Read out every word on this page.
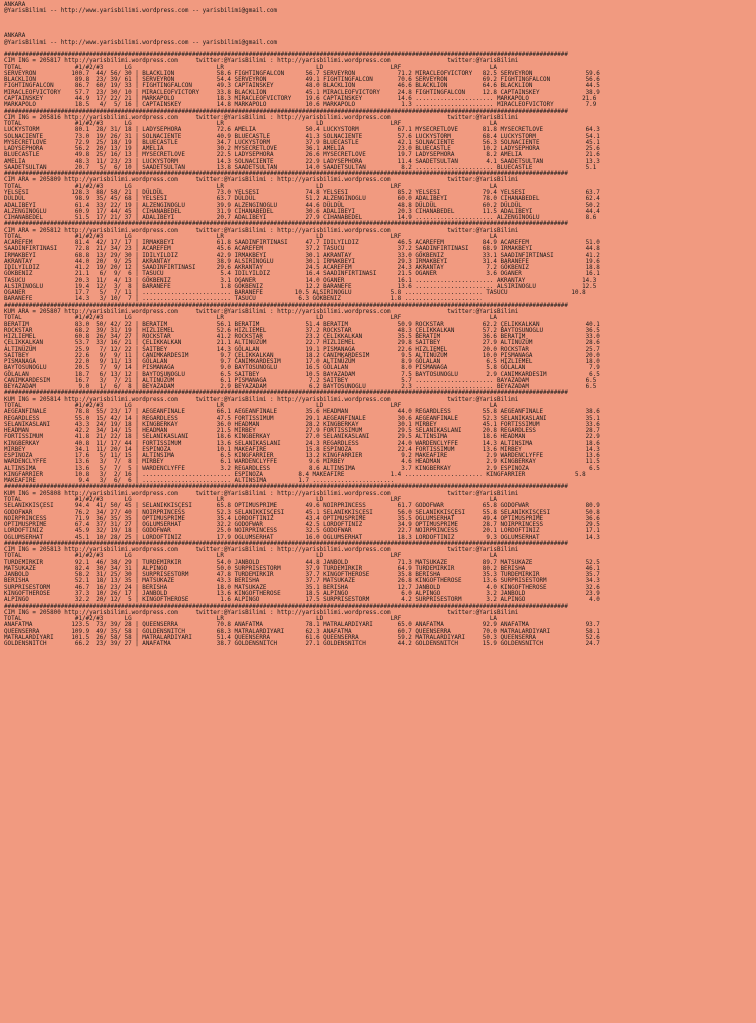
ANKARA
@YarisBilimi -- http://www.yarisbilimi.wordpress.com -- yarisbilimi@gmail.com

ANKARA
@YarisBilimi -- http://www.yarisbilimi.wordpress.com -- yarisbilimi@gmail.com

###############################################################################################################################################################
CIM ING = 205817 http://yarisbilimi.wordpress.com     twitter:@YarisBilimi : http://yarisbilimi.wordpress.com                twitter:@YarisBilimi
TOTAL               #1/#2/#3      LG                        LR                          LD                   LRF                         LA
SERVEYRON          100.7  44/ 56/ 30 | BLACKLION            58.6 FIGHTINGFALCON      56.7 SERVEYRON            71.2 MIRACLEOFVICTORY   82.5 SERVEYRON               59.6
BLACKLION           89.8  23/ 39/ 61 | SERVEYRON            54.4 SERVEYRON           49.1 FIGHTINGFALCON       70.6 SERVEYRON          69.2 FIGHTINGFALCON          56.6
FIGHTINGFALCON      86.7  60/ 19/ 33 | FIGHTINGFALCON       49.3 CAPTAINSKEY         48.0 BLACKLION            46.6 BLACKLION          64.6 BLACKLION               44.5
MIRACLEOFVICTORY    57.7  23/ 30/ 10 | MIRACLEOFVICTORY     33.8 BLACKLION           45.1 MIRACLEOFVICTORY     24.8 FIGHTINGFALCON     12.8 CAPTAINSKEY             38.9
CAPTAINSKEY         44.9  17/ 22/ 21 | MARKAPOLO            18.3 MIRACLEOFVICTORY    19.6 CAPTAINSKEY          14.6 ...................... MARKAPOLO               21.6
MARKAPOLO           18.5   4/  5/ 16 | CAPTAINSKEY          14.8 MARKAPOLO           10.6 MARKAPOLO             1.3 ...................... MIRACLEOFVICTORY         7.9
###############################################################################################################################################################
CIM ING = 205816 http://yarisbilimi.wordpress.com     twitter:@YarisBilimi : http://yarisbilimi.wordpress.com                twitter:@YarisBilimi
TOTAL               #1/#2/#3      LG                        LR                          LD                   LRF                         LA
LUCKYSTORM          80.1  28/ 31/ 18 | LADYSEPHORA          72.6 AMELIA              50.4 LUCKYSTORM           67.1 MYSECRETLOVE       81.8 MYSECRETLOVE            64.3
SOLNACIENTE         73.0  19/ 26/ 31 | SOLNACIENTE          40.9 BLUECASTLE          41.3 SOLNACIENTE          57.6 LUCKYSTORM         68.4 LUCKYSTORM              54.1
MYSECRETLOVE        72.9  25/ 18/ 19 | BLUECASTLE           34.7 LUCKYSTORM          37.9 BLUECASTLE           42.1 SOLNACIENTE        56.3 SOLNACIENTE             45.1
LADYSEPHORA         56.2  20/ 13/ 19 | AMELIA               30.2 MYSECRETLOVE        36.1 AMELIA               23.0 BLUECASTLE         10.2 LADYSEPHORA             25.6
BLUECASTLE          49.8  25/ 16/ 13 | MYSECRETLOVE         22.5 LADYSEPHORA         26.6 MYSECRETLOVE         19.7 LADYSEPHORA         8.2 AMELIA                  21.6
AMELIA              48.3  11/ 23/ 23 | LUCKYSTORM           14.3 SOLNACIENTE         22.9 LADYSEPHORA          11.4 SAADETSULTAN        4.1 SAADETSULTAN            13.3
SAADETSULTAN        20.7   5/  6/ 10 | SAADETSULTAN         13.8 SAADETSULTAN        14.0 SAADETSULTAN          8.2 ...................... BLUECASTLE               5.1
###############################################################################################################################################################
CIM ARA = 205809 http://yarisbilimi.wordpress.com     twitter:@YarisBilimi : http://yarisbilimi.wordpress.com                twitter:@YarisBilimi
TOTAL               #1/#2/#3      LG                        LR                          LD                   LRF                         LA
YELSESI            128.3  88/ 58/ 21 | DÜLDÜL               73.0 YELSESI             74.8 YELSESI              85.2 YELSESI            79.4 YELSESI                 63.7
DÜLDÜL              98.9  35/ 45/ 68 | YELSESI              63.7 DÜLDÜL              51.2 ALZENGINOGLU         60.0 ADALIBEYI          78.0 CIHANABEDEL             62.4
ADALIBEYI           61.4  33/ 22/ 19 | ALZENGINOGLU         39.9 ALZENGINOGLU        44.6 DÜLDÜL               48.8 DÜLDÜL             60.2 DÜLDÜL                  50.2
ALZENGINOGLU        60.9  17/ 44/ 45 | CIHANABEDEL          31.9 CIHANABEDEL         30.6 ADALIBEYI            20.3 CIHANABEDEL        11.5 ADALIBEYI               44.4
CIHANABEDEL         51.5  17/ 21/ 37 | ADALIBEYI            20.7 ADALIBEYI           27.9 CIHANABEDEL          14.9 ...................... ALZENGINOGLU             8.6
###############################################################################################################################################################
CIM ARA = 205812 http://yarisbilimi.wordpress.com     twitter:@YarisBilimi : http://yarisbilimi.wordpress.com                twitter:@YarisBilimi
TOTAL               #1/#2/#3      LG                        LR                          LD                   LRF                         LA
ACAREFEM            81.4  42/ 17/ 17 | IRMAKBEYI            61.8 SAADINFIRTINASI     47.7 IDILYILDIZ           46.5 ACAREFEM           84.9 ACAREFEM                51.0
SAADINFIRTINASI     72.8  21/ 34/ 23 | ACAREFEM             45.6 ACAREFEM            37.2 TASUCU               37.2 SAADINFIRTINASI    68.9 IRMAKBEYI               44.8
IRMAKBEYI           68.8  13/ 29/ 30 | IDILYILDIZ           42.9 IRMAKBEYI           30.1 AKRANTAY             33.0 GÖKBENIZ           33.1 SAADINFIRTINASI         41.2
AKRANTAY            44.0  20/  9/ 25 | AKRANTAY             38.9 ALSIRINOGLU         30.1 IRMAKBEYI            29.3 IRMAKBEYI          31.4 BARANEFE                19.6
IDILYILDIZ          41.2  19/ 20/ 12 | SAADINFIRTINASI      29.6 AKRANTAY            24.5 ACAREFEM             24.3 AKRANTAY            7.2 GÖKBENIZ                18.8
GÖKBENIZ            21.1   6/  9/  6 | TASUCU                5.4 IDILYILDIZ          16.4 SAADINFIRTINASI      21.5 OGANER              3.6 OGANER                  16.1
TASUCU              20.3  11/  4/ 13 | GÖKBENIZ              3.1 OGANER              14.0 OGANER               16.1 ...................... AKRANTAY                14.3
ALSIRINOGLU         19.4  12/  3/  8 | BARANEFE              1.8 GÖKBENIZ            12.2 BARANEFE             13.6 ...................... ALSIRINOGLU             12.5
OGANER              17.7   5/  7/ 11 | ......................... BARANEFE         10.5 ALSIRINOGLU           5.8 ...................... TASUCU                  10.8
BARANEFE            14.3   3/ 10/  7 | ......................... TASUCU            6.3 GÖKBENIZ              1.8 ......................
###############################################################################################################################################################
KUM ARA = 205807 http://yarisbilimi.wordpress.com     twitter:@YarisBilimi : http://yarisbilimi.wordpress.com                twitter:@YarisBilimi
TOTAL               #1/#2/#3      LG                        LR                          LD                   LRF                         LA
BERATIM             83.0  50/ 42/ 22 | BERATIM              56.1 BERATIM             51.4 BERATIM              50.9 ROCKSTAR           62.2 ÇELIKKALKAN             40.1
ROCKSTAR            68.2  39/ 31/ 19 | HIZLIEMEL            52.6 HIZLIEMEL           37.2 ROCKSTAR             48.3 ÇELIKKALKAN        57.2 BAYTOSUNOGLU            36.5
HIZLIEMEL           60.8  26/ 34/ 27 | ROCKSTAR             41.2 ROCKSTAR            23.2 ÇELIKKALKAN          35.5 BERATIM            36.6 BERATIM                 33.0
ÇELIKKALKAN         53.7  33/ 16/ 21 | ÇELIKKALKAN          21.1 ALTINÜZÜM           22.7 HIZLIEMEL            29.8 SAITBEY            27.9 ALTINÜZÜM               28.6
ALTINÜZÜM           25.9   7/ 12/ 22 | SAITBEY              14.3 GÖLALAN             19.1 PISMANAGA            22.6 HIZLIEMEL          20.0 ROCKSTAR                25.7
SAITBEY             22.6   9/  9/ 11 | CANIMKARDESIM         9.7 ÇELIKKALKAN         18.2 CANIMKARDESIM         9.5 ALTINÜZÜM          10.0 PISMANAGA               20.0
PISMANAGA           22.0   9/ 11/ 13 | GÖLALAN               9.7 CANIMKARDESIM       17.0 ALTINÜZÜM             8.9 GÖLALAN             6.5 HIZLIEMEL               18.0
BAYTOSUNOGLU        20.5   7/  9/ 14 | PISMANAGA             9.0 BAYTOSUNOGLU        16.5 GÖLALAN               8.0 PISMANAGA           5.8 GÖLALAN                  7.9
GÖLALAN             18.7   6/ 13/ 12 | BAYTOSUNOGLU          6.5 SAITBEY             10.5 BAYAZADAM             7.5 BAYTOSUNOGLU        2.9 CANIMKARDESIM            6.5
CANIMKARDESIM       16.7   3/  7/ 21 | ALTINÜZÜM             6.1 PISMANAGA            7.2 SAITBEY               5.7 ...................... BAYAZADAM                6.5
BEYAZADAM            9.0   1/  6/  8 | BEYAZADAM             2.9 BEYAZADAM            6.2 BAYTOSUNOGLU          2.3 ...................... BEYAZADAM                6.5
###############################################################################################################################################################
KUM ING = 205814 http://yarisbilimi.wordpress.com     twitter:@YarisBilimi : http://yarisbilimi.wordpress.com                twitter:@YarisBilimi
TOTAL               #1/#2/#3      LG                        LR                          LD                   LRF                         LA
AEGEANFINALE        78.8  55/ 23/ 17 | AEGEANFINALE         66.1 AEGEANFINALE        35.6 HEADMAN              44.0 REGARDLESS         55.8 AEGEANFINALE            38.6
REGARDLESS          55.0  15/ 42/ 14 | REGARDLESS           47.5 FORTISSIMUM         29.1 AEGEANFINALE         30.6 AEGEANFINALE       52.3 SELANIKASLANI           35.1
SELANIKASLANI       43.3  24/ 19/ 18 | KINGBERKAY           36.0 HEADMAN             28.2 KINGBERKAY           30.1 MIRBEY             45.1 FORTISSIMUM             33.6
HEADMAN             42.2  34/ 14/ 15 | HEADMAN              21.5 MIRBEY              27.9 FORTISSIMUM          29.5 SELANIKASLANI      20.8 REGARDLESS              28.7
FORTISSIMUM         41.8  21/ 22/ 18 | SELANIKASLANI        18.6 KINGBERKAY          27.0 SELANIKASLANI        29.5 ALTINSIMA          18.6 HEADMAN                 22.9
KINGBERKAY          40.8  11/ 17/ 44 | FORTISSIMUM          13.6 SELANIKASLANI       24.3 REGARDLESS           24.0 WARDENCLYFFE       14.3 ALTINSIMA               18.6
MIRBEY              34.1  11/ 20/ 14 | ESPINOZA             10.1 MAKEAFIRE           15.8 ESPINOZA             22.4 FORTISSIMUM        13.6 MIRBEY                  14.3
ESPINOZA            17.6   5/ 11/ 15 | ALTINSIMA             6.5 KINGFARRIER         13.2 KINGFARRIER           9.2 MAKEAFIRE           2.9 WARDENCLYFFE            13.6
WARDENCLYFFE        13.6   3/  7/  8 | MIRBEY                6.1 WARDENCLYFFE         9.6 MIRBEY                4.6 HEADMAN             2.9 KINGBERKAY              11.5
ALTINSIMA           13.6   5/  7/  5 | WARDENCLYFFE          3.2 REGARDLESS           8.6 ALTINSIMA             3.7 KINGBERKAY          2.9 ESPINOZA                 6.5
KINGFARRIER         10.8   3/  2/ 16 | ......................... ESPINOZA          8.4 MAKEAFIRE             1.4 ...................... KINGFARRIER              5.8
MAKEAFIRE            9.4   3/  6/  6 | ......................... ALTINSIMA         1.7 .......................
###############################################################################################################################################################
KUM ING = 205808 http://yarisbilimi.wordpress.com     twitter:@YarisBilimi : http://yarisbilimi.wordpress.com                twitter:@YarisBilimi
TOTAL               #1/#2/#3      LG                        LR                          LD                   LRF                         LA
SELANIKKISÇESI      94.4  41/ 50/ 45 | SELANIKKISÇESI       65.8 OPTIMUSPRIME        49.6 NOIRPRINCESS         61.7 GODOFWAR           65.8 GODOFWAR                80.9
GODOFWAR            76.2  34/ 27/ 40 | NOIRPRINCESS         52.3 SELANIKKISÇESI      45.1 SELANIKKISÇESI       56.0 SELANIKKISÇESI     55.8 SELANIKKISÇESI          50.8
NOIRPRINCESS        71.9  36/ 35/ 35 | OPTIMUSPRIME         35.4 LORDOFTINIZ         43.4 OPTIMUSPRIME         35.5 OGLUMSERHAT        49.4 OPTIMUSPRIME            36.6
OPTIMUSPRIME        67.4  37/ 31/ 27 | OGLUMSERHAT          32.2 GODOFWAR            42.5 LORDOFTINIZ          34.9 OPTIMUSPRIME       28.7 NOIRPRINCESS            29.5
LORDOFTINIZ         45.9  32/ 19/ 18 | GODOFWAR             25.0 NOIRPRINCESS        32.5 GODOFWAR             22.7 NOIRPRINCESS       20.1 LORDOFTINIZ             17.1
OGLUMSERHAT         45.1  10/ 28/ 25 | LORDOFTINIZ          17.9 OGLUMSERHAT         16.0 OGLUMSERHAT          18.3 LORDOFTINIZ         9.3 OGLUMSERHAT             14.3
###############################################################################################################################################################
CIM ING = 205813 http://yarisbilimi.wordpress.com     twitter:@YarisBilimi : http://yarisbilimi.wordpress.com                twitter:@YarisBilimi
TOTAL               #1/#2/#3      LG                        LR                          LD                   LRF                         LA
TURDEMIRKIR         92.1  46/ 38/ 29 | TURDEMIRKIR          54.0 JANBOLD             44.8 JANBOLD              71.3 MATSUKAZE          89.7 MATSUKAZE               52.5
MATSUKAZE           82.4  30/ 34/ 31 | ALPINGO              50.0 SURPRISESTORM       37.9 TURDEMIRKIR          64.9 TURDEMIRKIR        80.2 BERISHA                 46.1
JANBOLD             58.2  31/ 25/ 30 | SURPRISESTORM        47.8 TURDEMIRKIR         37.7 KINGOFTHEROSE        35.8 BERISHA            35.3 TURDEMIRKIR             35.7
BERISHA             52.1  18/ 13/ 35 | MATSUKAZE            43.3 BERISHA             37.7 MATSUKAZE            26.8 KINGOFTHEROSE      13.6 SURPRISESTORM           34.3
SURPRISESTORM       46.7  16/ 23/ 24 | BERISHA              18.0 MATSUKAZE           35.1 BERISHA              12.7 JANBOLD             4.0 KINGOFTHEROSE           32.6
KINGOFTHEROSE       37.3  10/ 26/ 17 | JANBOLD              13.6 KINGOFTHEROSE       18.5 ALPINGO               6.0 ALPINGO             3.2 JANBOLD                 23.9
ALPINGO             32.2  20/ 12/  5 | KINGOFTHEROSE         1.6 ALPINGO             17.5 SURPRISESTORM         4.2 SURPRISESTORM       3.2 ALPINGO                  4.0
###############################################################################################################################################################
CIM ING = 205800 http://yarisbilimi.wordpress.com     twitter:@YarisBilimi : http://yarisbilimi.wordpress.com                twitter:@YarisBilimi
TOTAL               #1/#2/#3      LG                        LR                          LD                   LRF                         LA
ANAFATMA           123.5  73/ 39/ 28 | QUEENSERRA           70.8 ANAFATMA            78.1 MATRALARDIYARI       65.0 ANAFATMA           92.9 ANAFATMA                93.7
QUEENSERRA         109.9  49/ 35/ 58 | GOLDENSNITCH         68.3 MATRALARDIYARI      62.3 ANAFATMA             60.7 QUEENSERRA         70.0 MATRALARDIYARI          58.1
MATRALARDIYARI     101.5  26/ 58/ 58 | MATRALARDIYARI       51.4 QUEENSERRA          61.6 QUEENSERRA           59.2 MATRALARDIYARI     50.3 QUEENSERRA              52.6
GOLDENSNITCH        66.2  23/ 39/ 27 | ANAFATMA             38.7 GOLDENSNITCH        27.1 GOLDENSNITCH         44.2 GOLDENSNITCH       15.9 GOLDENSNITCH            24.7
